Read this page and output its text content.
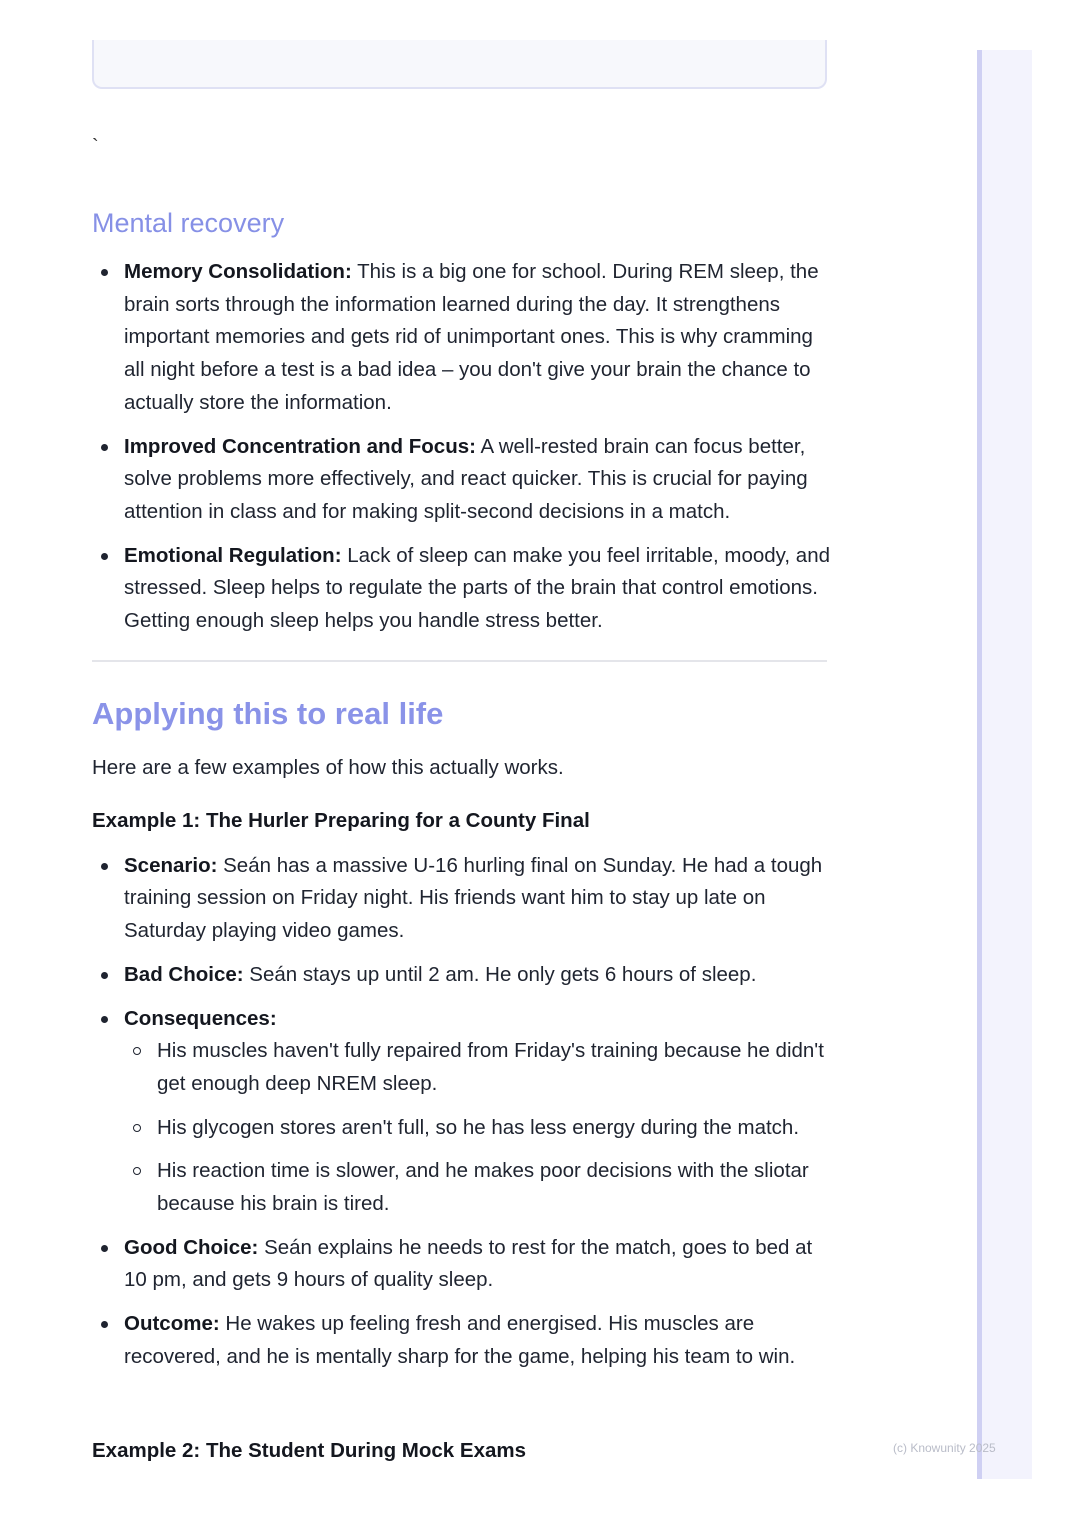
`
Mental recovery
Memory Consolidation: This is a big one for school. During REM sleep, the brain sorts through the information learned during the day. It strengthens important memories and gets rid of unimportant ones. This is why cramming all night before a test is a bad idea – you don't give your brain the chance to actually store the information.
Improved Concentration and Focus: A well-rested brain can focus better, solve problems more effectively, and react quicker. This is crucial for paying attention in class and for making split-second decisions in a match.
Emotional Regulation: Lack of sleep can make you feel irritable, moody, and stressed. Sleep helps to regulate the parts of the brain that control emotions. Getting enough sleep helps you handle stress better.
Applying this to real life

Here are a few examples of how this actually works.

Example 1: The Hurler Preparing for a County Final
Scenario: Seán has a massive U-16 hurling final on Sunday. He had a tough training session on Friday night. His friends want him to stay up late on Saturday playing video games.
Bad Choice: Seán stays up until 2 am. He only gets 6 hours of sleep.
Consequences:
His muscles haven't fully repaired from Friday's training because he didn't get enough deep NREM sleep.
His glycogen stores aren't full, so he has less energy during the match.
His reaction time is slower, and he makes poor decisions with the sliotar because his brain is tired.
Good Choice: Seán explains he needs to rest for the match, goes to bed at 10 pm, and gets 9 hours of quality sleep.
Outcome: He wakes up feeling fresh and energised. His muscles are recovered, and he is mentally sharp for the game, helping his team to win.
Example 2: The Student During Mock Exams	(c) Knowunity 2025
